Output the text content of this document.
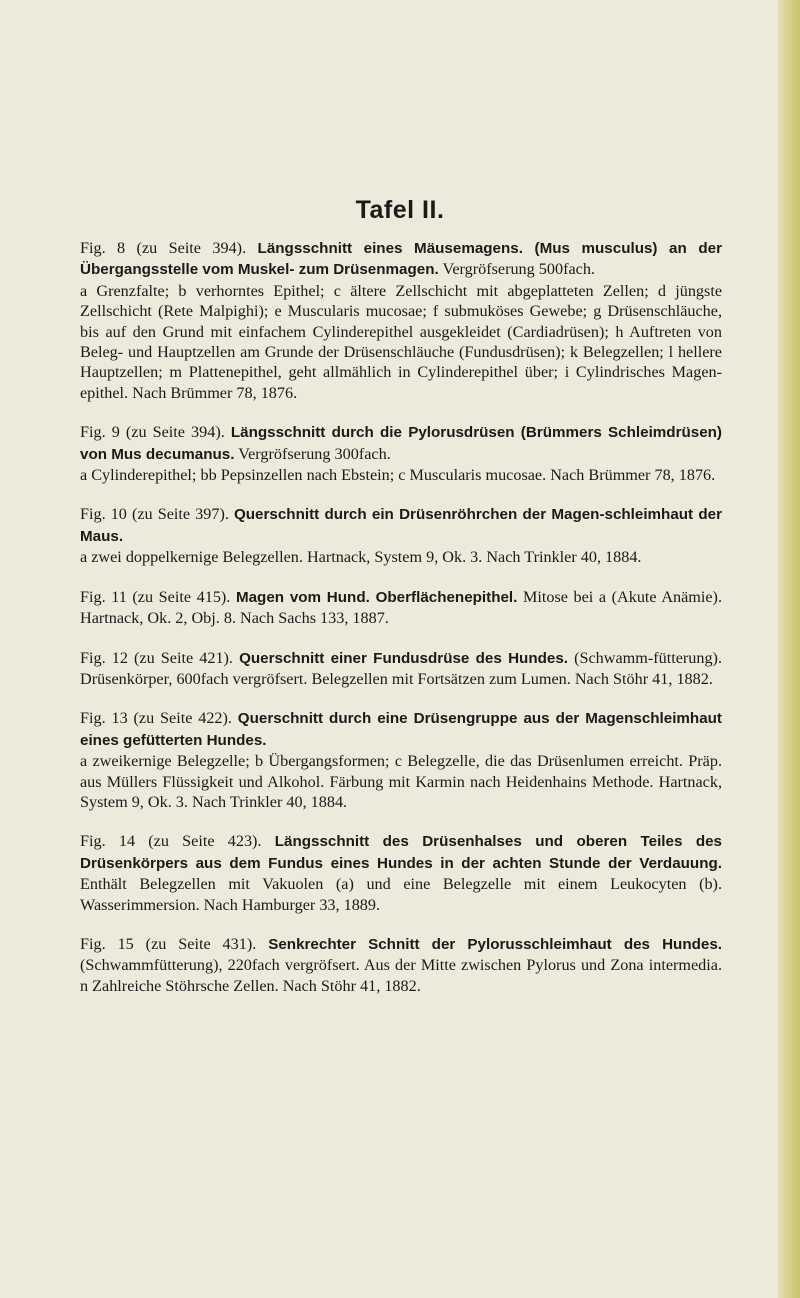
Tafel II.

Fig. 8 (zu Seite 394). Längsschnitt eines Mäusemagens. (Mus musculus) an der Übergangsstelle vom Muskel- zum Drüsenmagen. Vergröfserung 500fach.

a Grenzfalte; b verhorntes Epithel; c ältere Zellschicht mit abgeplatteten Zellen; d jüngste Zellschicht (Rete Malpighi); e Muscularis mucosae; f submuköses Gewebe; g Drüsenschläuche, bis auf den Grund mit einfachem Cylinderepithel ausgekleidet (Cardiadrüsen); h Auftreten von Beleg- und Hauptzellen am Grunde der Drüsenschläuche (Fundusdrüsen); k Belegzellen; l hellere Hauptzellen; m Plattenepithel, geht allmählich in Cylinderepithel über; i Cylindrisches Magen-epithel. Nach Brümmer 78, 1876.

Fig. 9 (zu Seite 394). Längsschnitt durch die Pylorusdrüsen (Brümmers Schleimdrüsen) von Mus decumanus. Vergröfserung 300fach.

a Cylinderepithel; bb Pepsinzellen nach Ebstein; c Muscularis mucosae. Nach Brümmer 78, 1876.

Fig. 10 (zu Seite 397). Querschnitt durch ein Drüsenröhrchen der Magen-schleimhaut der Maus.

a zwei doppelkernige Belegzellen. Hartnack, System 9, Ok. 3. Nach Trinkler 40, 1884.

Fig. 11 (zu Seite 415). Magen vom Hund. Oberflächenepithel. Mitose bei a (Akute Anämie). Hartnack, Ok. 2, Obj. 8. Nach Sachs 133, 1887.

Fig. 12 (zu Seite 421). Querschnitt einer Fundusdrüse des Hundes. (Schwamm-fütterung). Drüsenkörper, 600fach vergröfsert. Belegzellen mit Fortsätzen zum Lumen. Nach Stöhr 41, 1882.

Fig. 13 (zu Seite 422). Querschnitt durch eine Drüsengruppe aus der Magenschleimhaut eines gefütterten Hundes.

a zweikernige Belegzelle; b Übergangsformen; c Belegzelle, die das Drüsenlumen erreicht. Präp. aus Müllers Flüssigkeit und Alkohol. Färbung mit Karmin nach Heidenhains Methode. Hartnack, System 9, Ok. 3. Nach Trinkler 40, 1884.

Fig. 14 (zu Seite 423). Längsschnitt des Drüsenhalses und oberen Teiles des Drüsenkörpers aus dem Fundus eines Hundes in der achten Stunde der Verdauung. Enthält Belegzellen mit Vakuolen (a) und eine Belegzelle mit einem Leukocyten (b). Wasserimmersion. Nach Hamburger 33, 1889.

Fig. 15 (zu Seite 431). Senkrechter Schnitt der Pylorusschleimhaut des Hundes. (Schwammfütterung), 220fach vergröfsert. Aus der Mitte zwischen Pylorus und Zona intermedia. n Zahlreiche Stöhrsche Zellen. Nach Stöhr 41, 1882.
